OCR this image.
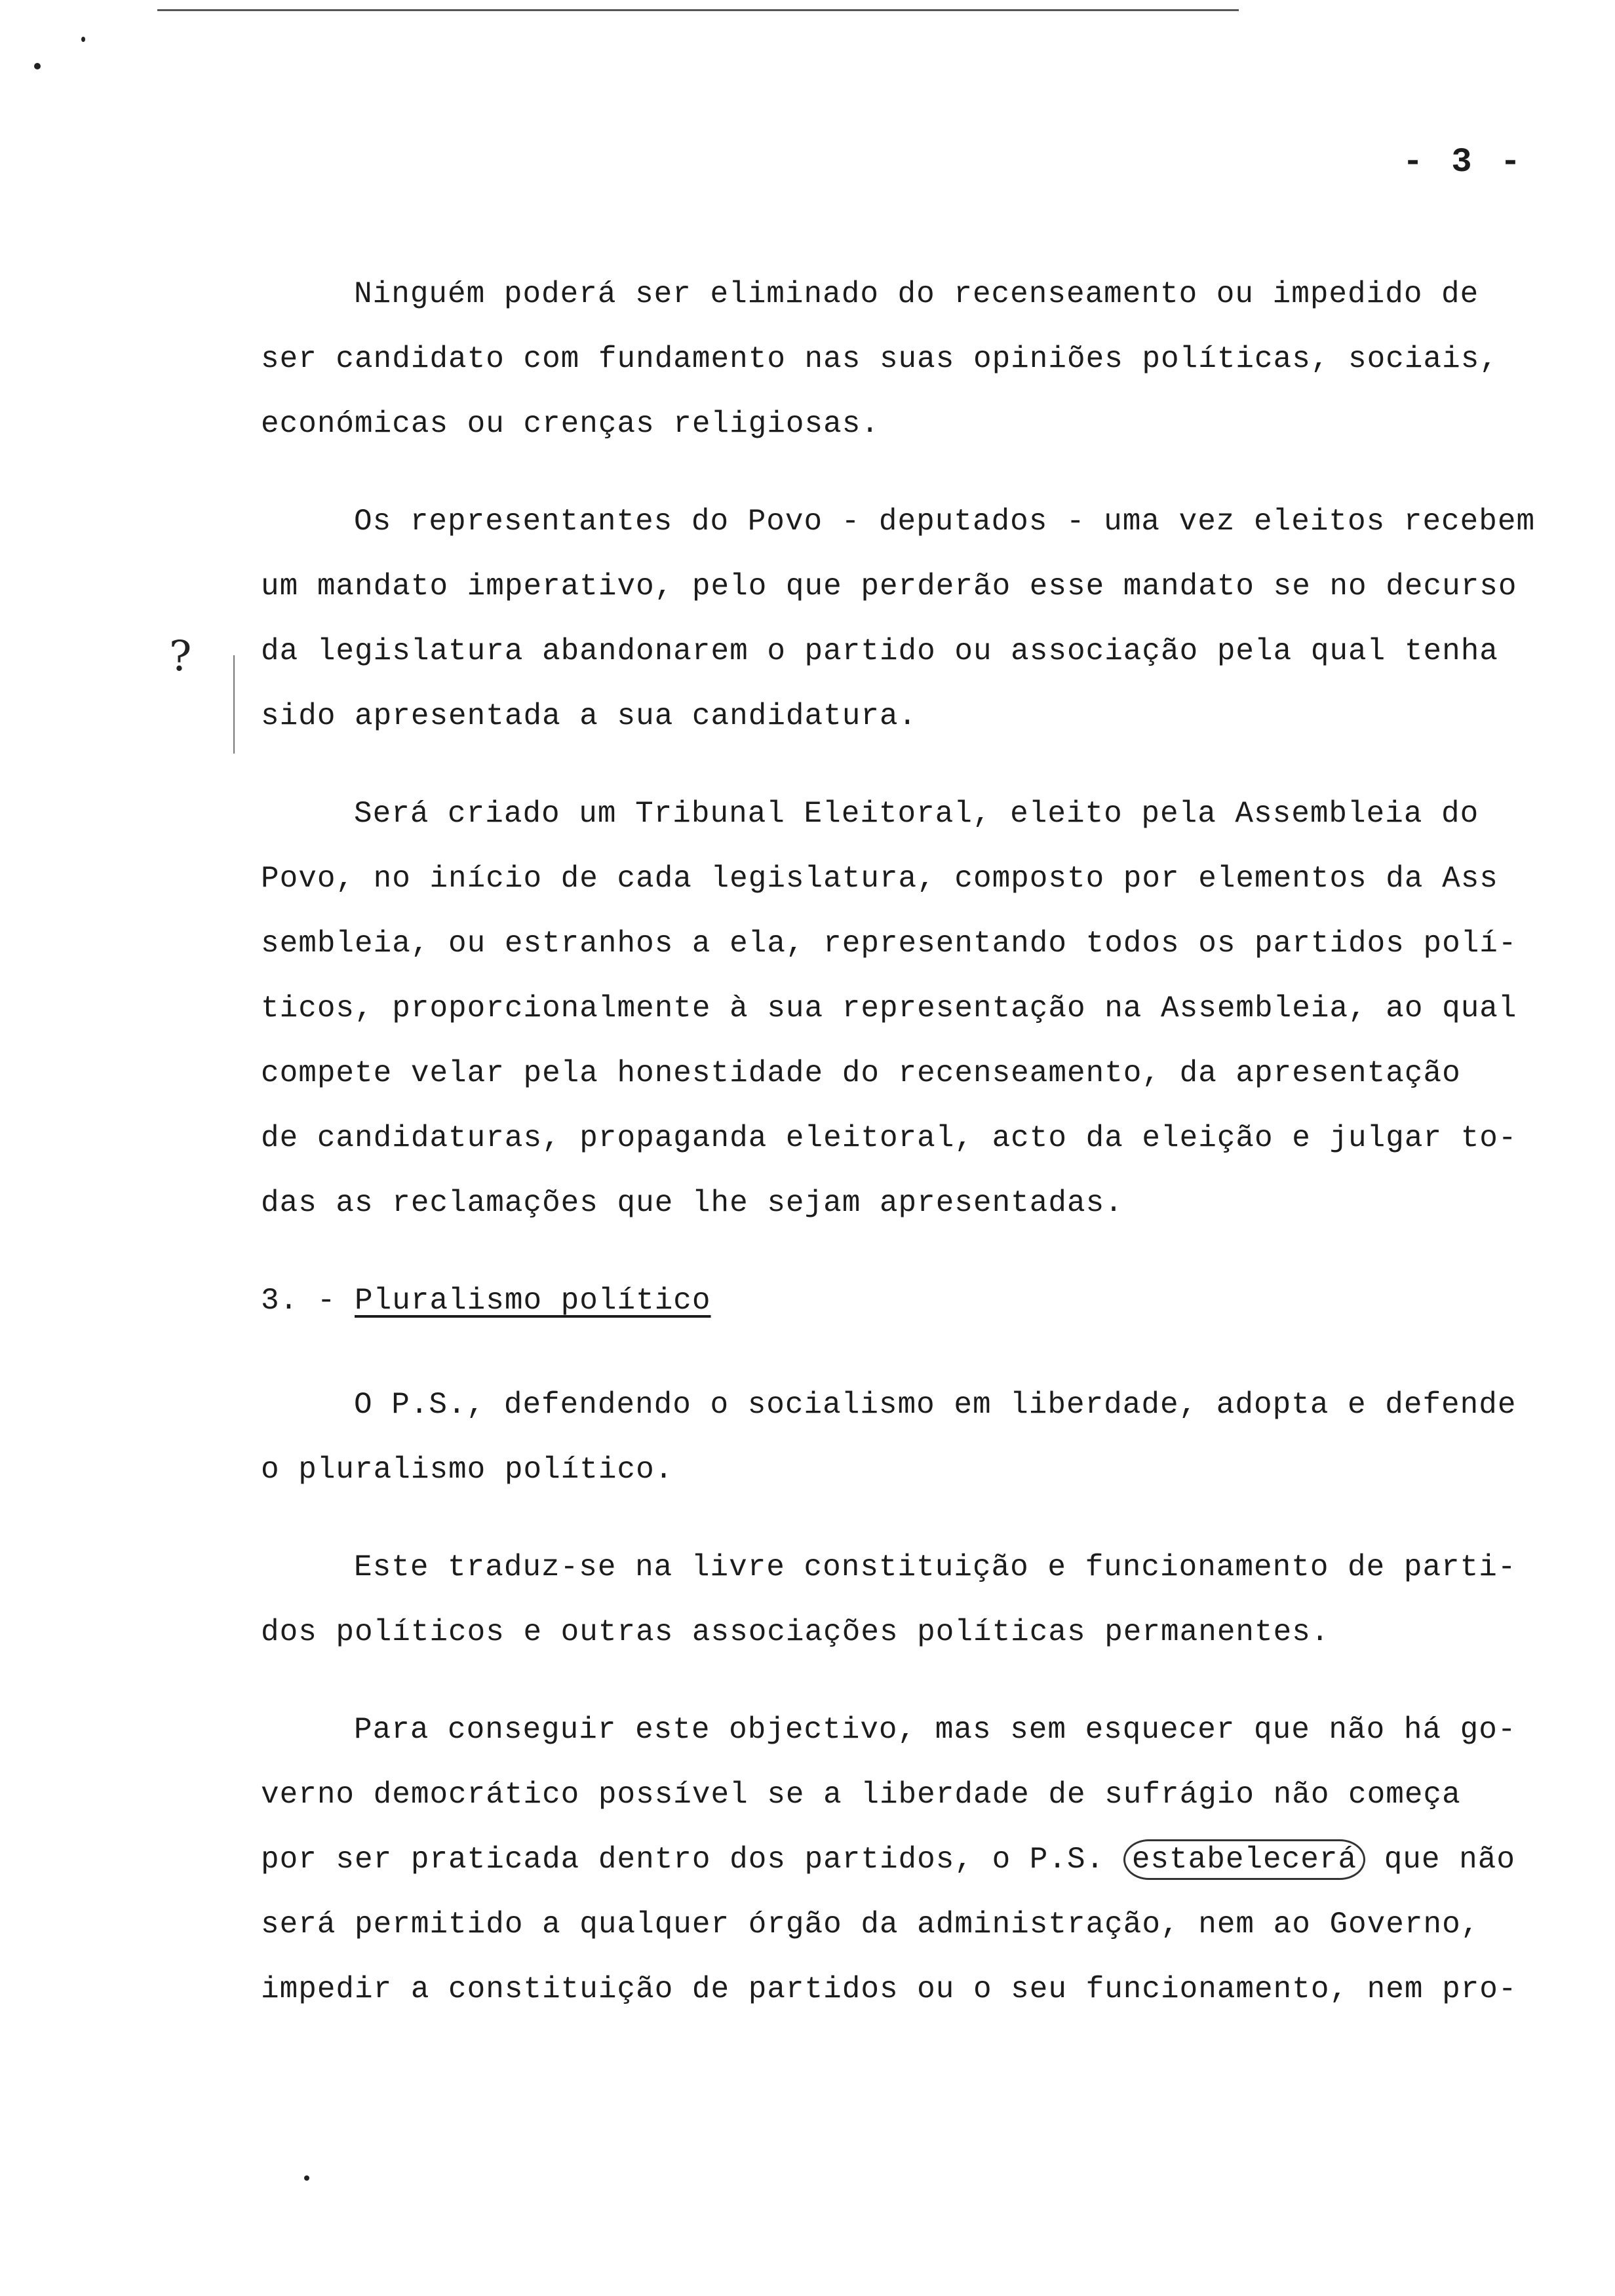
- 3 -
?
Ninguém poderá ser eliminado do recenseamento ou impedido de
ser candidato com fundamento nas suas opiniões políticas, sociais,
económicas ou crenças religiosas.
Os representantes do Povo - deputados - uma vez eleitos recebem
um mandato imperativo, pelo que perderão esse mandato se no decurso
da legislatura abandonarem o partido ou associação pela qual tenha
sido apresentada a sua candidatura.
Será criado um Tribunal Eleitoral, eleito pela Assembleia do
Povo, no início de cada legislatura, composto por elementos da Ass
sembleia, ou estranhos a ela, representando todos os partidos polí-
ticos, proporcionalmente à sua representação na Assembleia, ao qual
compete velar pela honestidade do recenseamento, da apresentação
de candidaturas, propaganda eleitoral, acto da eleição e julgar to-
das as reclamações que lhe sejam apresentadas.
3. - Pluralismo político
O P.S., defendendo o socialismo em liberdade, adopta e defende
o pluralismo político.
Este traduz-se na livre constituição e funcionamento de parti-
dos políticos e outras associações políticas permanentes.
Para conseguir este objectivo, mas sem esquecer que não há go-
verno democrático possível se a liberdade de sufrágio não começa
por ser praticada dentro dos partidos, o P.S. estabelecerá que não
será permitido a qualquer órgão da administração, nem ao Governo,
impedir a constituição de partidos ou o seu funcionamento, nem pro-
